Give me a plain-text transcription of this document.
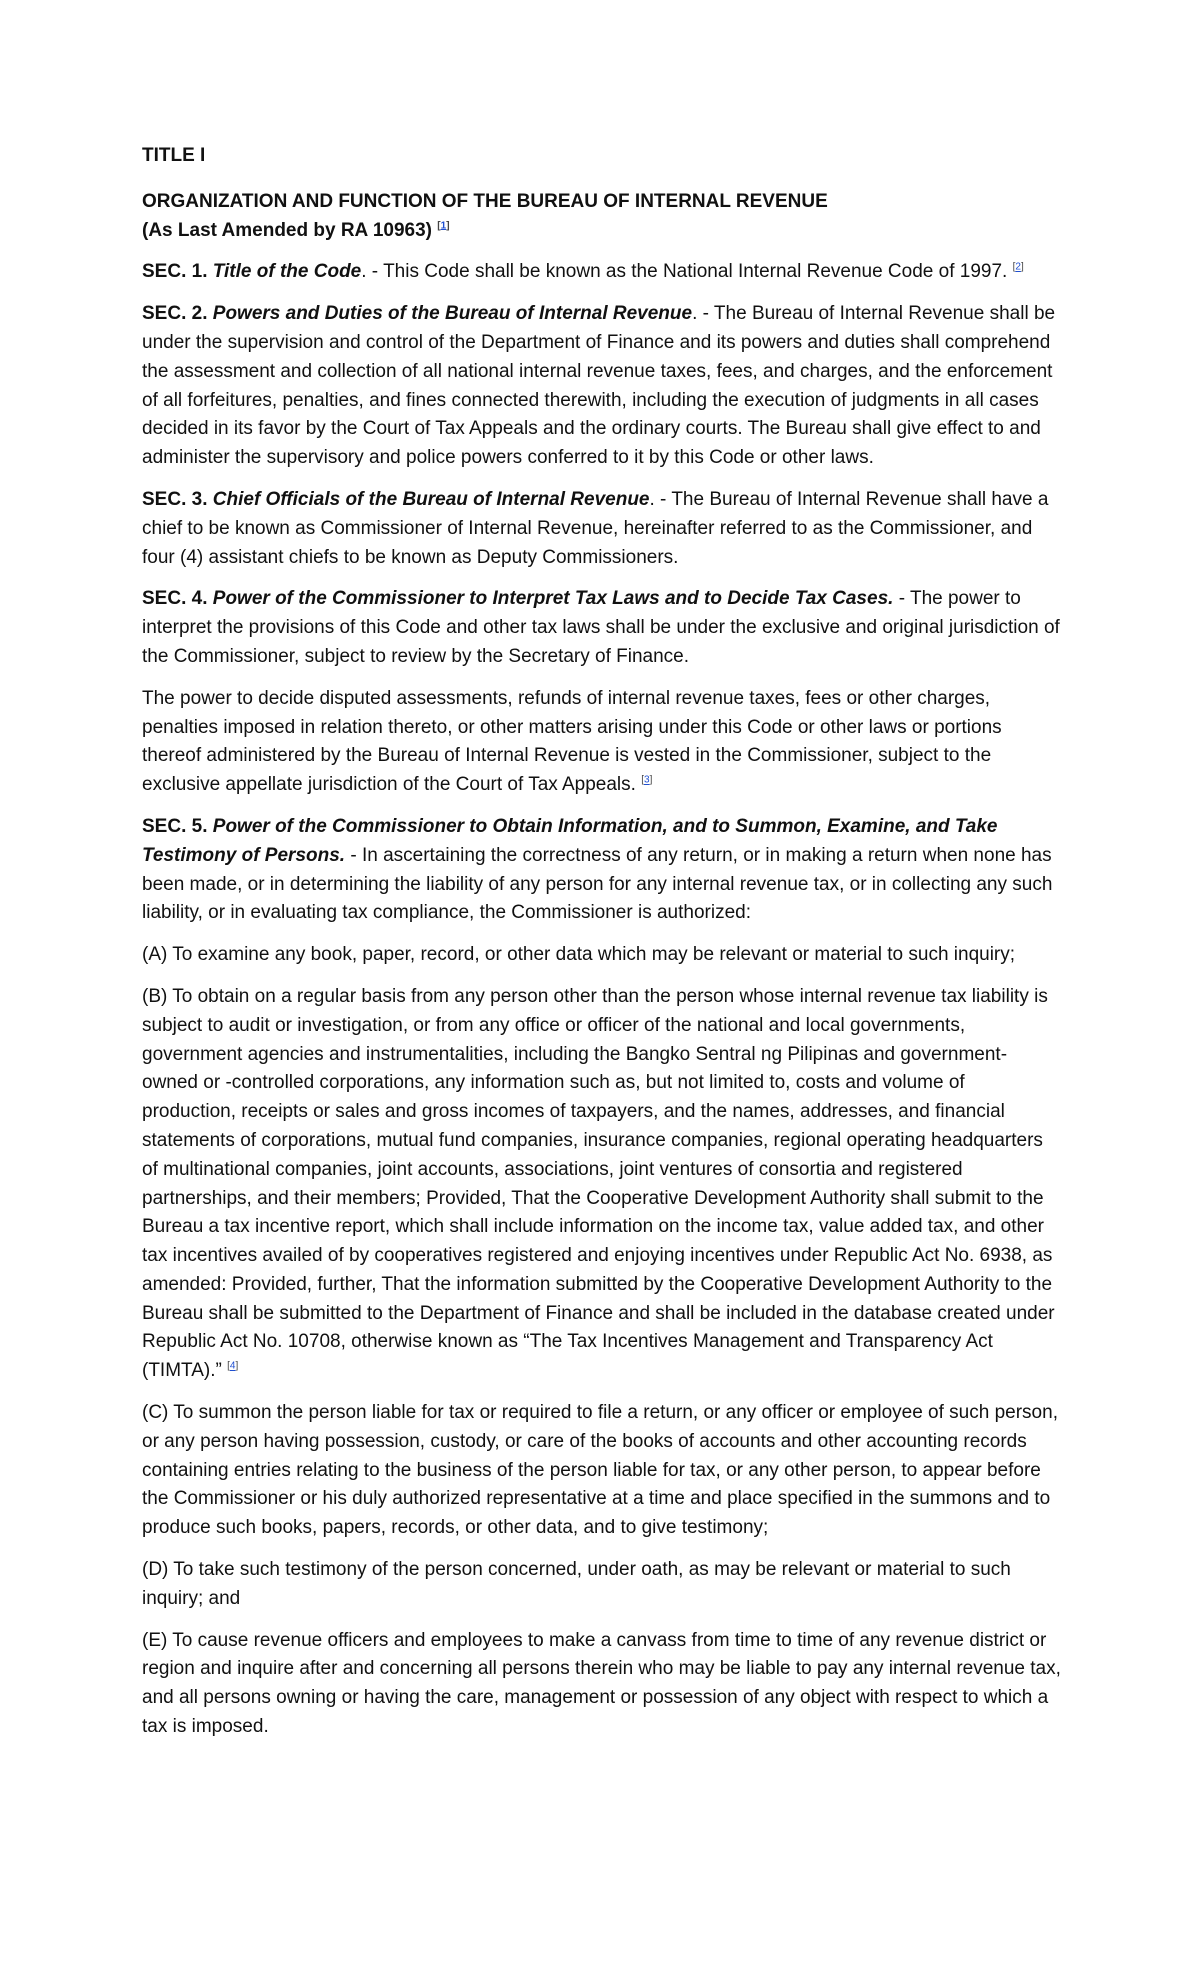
TITLE I

ORGANIZATION AND FUNCTION OF THE BUREAU OF INTERNAL REVENUE

(As Last Amended by RA 10963) [1]

SEC. 1. Title of the Code. - This Code shall be known as the National Internal Revenue Code of 1997. [2]

SEC. 2. Powers and Duties of the Bureau of Internal Revenue. - The Bureau of Internal Revenue shall be under the supervision and control of the Department of Finance and its powers and duties shall comprehend the assessment and collection of all national internal revenue taxes, fees, and charges, and the enforcement of all forfeitures, penalties, and fines connected therewith, including the execution of judgments in all cases decided in its favor by the Court of Tax Appeals and the ordinary courts. The Bureau shall give effect to and administer the supervisory and police powers conferred to it by this Code or other laws.

SEC. 3. Chief Officials of the Bureau of Internal Revenue. - The Bureau of Internal Revenue shall have a chief to be known as Commissioner of Internal Revenue, hereinafter referred to as the Commissioner, and four (4) assistant chiefs to be known as Deputy Commissioners.

SEC. 4. Power of the Commissioner to Interpret Tax Laws and to Decide Tax Cases. - The power to interpret the provisions of this Code and other tax laws shall be under the exclusive and original jurisdiction of the Commissioner, subject to review by the Secretary of Finance.

The power to decide disputed assessments, refunds of internal revenue taxes, fees or other charges, penalties imposed in relation thereto, or other matters arising under this Code or other laws or portions thereof administered by the Bureau of Internal Revenue is vested in the Commissioner, subject to the exclusive appellate jurisdiction of the Court of Tax Appeals. [3]

SEC. 5. Power of the Commissioner to Obtain Information, and to Summon, Examine, and Take Testimony of Persons. - In ascertaining the correctness of any return, or in making a return when none has been made, or in determining the liability of any person for any internal revenue tax, or in collecting any such liability, or in evaluating tax compliance, the Commissioner is authorized:

(A) To examine any book, paper, record, or other data which may be relevant or material to such inquiry;

(B) To obtain on a regular basis from any person other than the person whose internal revenue tax liability is subject to audit or investigation, or from any office or officer of the national and local governments, government agencies and instrumentalities, including the Bangko Sentral ng Pilipinas and government-owned or -controlled corporations, any information such as, but not limited to, costs and volume of production, receipts or sales and gross incomes of taxpayers, and the names, addresses, and financial statements of corporations, mutual fund companies, insurance companies, regional operating headquarters of multinational companies, joint accounts, associations, joint ventures of consortia and registered partnerships, and their members; Provided, That the Cooperative Development Authority shall submit to the Bureau a tax incentive report, which shall include information on the income tax, value added tax, and other tax incentives availed of by cooperatives registered and enjoying incentives under Republic Act No. 6938, as amended: Provided, further, That the information submitted by the Cooperative Development Authority to the Bureau shall be submitted to the Department of Finance and shall be included in the database created under Republic Act No. 10708, otherwise known as “The Tax Incentives Management and Transparency Act (TIMTA).” [4]

(C) To summon the person liable for tax or required to file a return, or any officer or employee of such person, or any person having possession, custody, or care of the books of accounts and other accounting records containing entries relating to the business of the person liable for tax, or any other person, to appear before the Commissioner or his duly authorized representative at a time and place specified in the summons and to produce such books, papers, records, or other data, and to give testimony;

(D) To take such testimony of the person concerned, under oath, as may be relevant or material to such inquiry; and

(E) To cause revenue officers and employees to make a canvass from time to time of any revenue district or region and inquire after and concerning all persons therein who may be liable to pay any internal revenue tax, and all persons owning or having the care, management or possession of any object with respect to which a tax is imposed.
